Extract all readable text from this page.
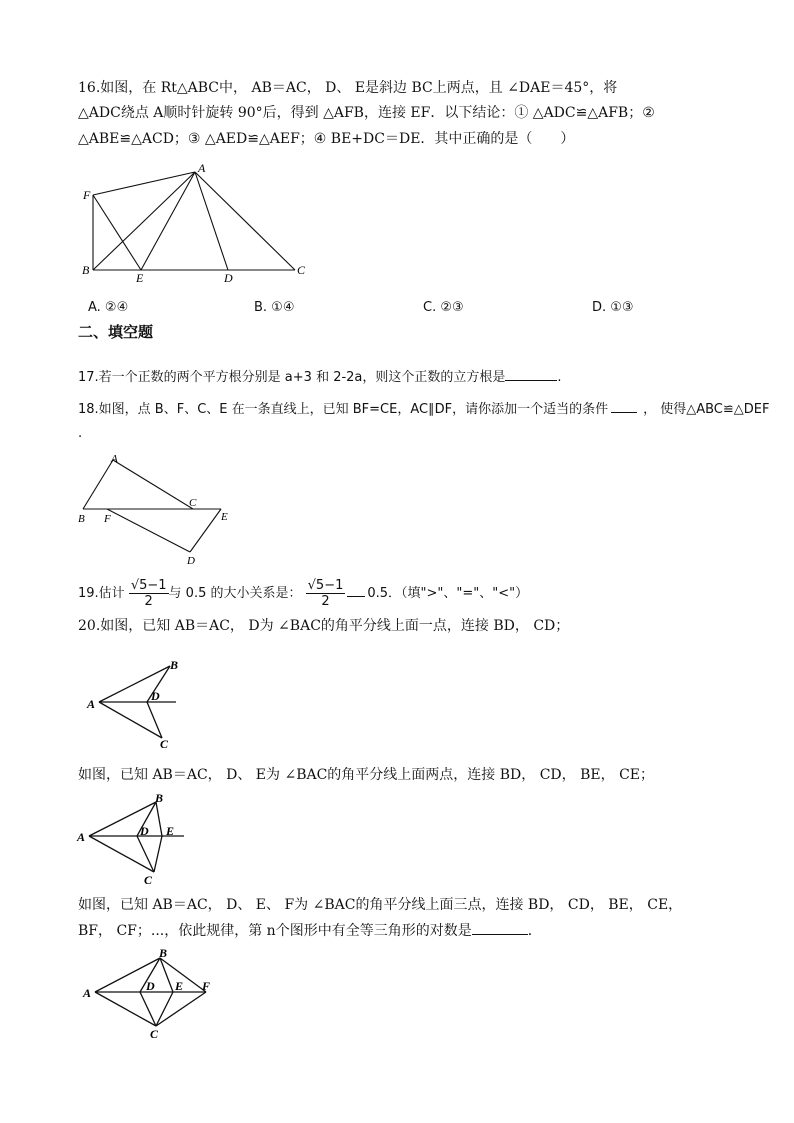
16.如图，在 Rt△ABC中， AB＝AC， D、 E是斜边 BC上两点，且 ∠DAE＝45°，将
△ADC绕点 A顺时针旋转 90°后，得到 △AFB，连接 EF．以下结论：① △ADC≌△AFB；②
△ABE≌△ACD；③ △AED≌△AEF；④ BE+DC＝DE．其中正确的是（　　）
A
F
B
E	D
C
A. ②④	B. ①④	C. ②③	D. ①③
二、填空题
17.若一个正数的两个平方根分别是 a+3 和 2-2a，则这个正数的立方根是	.
18.如图，点 B、F、C、E 在一条直线上，已知 BF=CE，AC∥DF，请你添加一个适当的条件	， 使得△ABC≌△DEF
.
A
B F
C
E
D
19.估计 $\frac{√5-1}{2}$ 与 0.5 的大小关系是： $\frac{√5-1}{2} 0.5$．（填">"、"="、"<"）
20.如图，已知 AB＝AC， D为 ∠BAC的角平分线上面一点，连接 BD， CD；
A
B
D
C
如图，已知 AB＝AC， D、 E为 ∠BAC的角平分线上面两点，连接 BD， CD， BE， CE；
A
B
D E
C
如图，已知 AB＝AC， D、 E、 F为 ∠BAC的角平分线上面三点，连接 BD， CD， BE， CE，
BF， CF；...，依此规律，第 n个图形中有全等三角形的对数是	．
A
B
D E F
C
